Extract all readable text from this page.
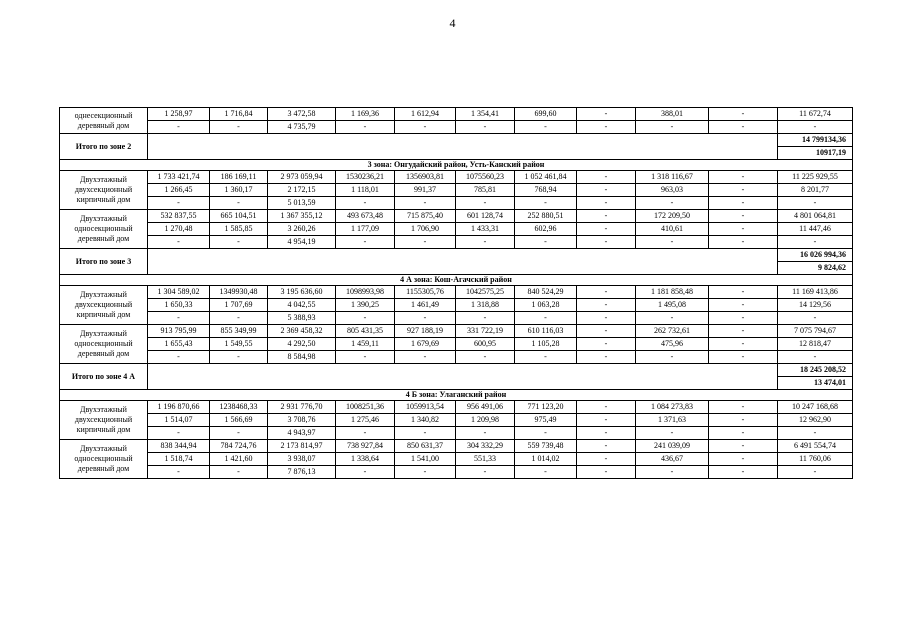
4
однесекционный деревяный дом	1 258,97	1 716,84	3 472,58	1 169,36	1 612,94	1 354,41	699,60	-	388,01	-	11 672,74
	-	-	4 735,79	-	-	-	-	-	-	-	-
Итого по зоне 2											14 799134,36
											10917,19
3 зона: Онгудайский район, Усть-Канский район											
Двухэтажный двухсекционный кирпичный дом	1 733 421,74	186 169,11	2 973 059,94	1530236,21	1356903,81	1075560,23	1 052 461,84	-	1 318 116,67	-	11 225 929,55
	1 266,45	1 360,17	2 172,15	1 118,01	991,37	785,81	768,94	-	963,03	-	8 201,77
	-	-	5 013,59	-	-	-	-	-	-	-	-
Двухэтажный односекционный деревяный дом	532 837,55	665 104,51	1 367 355,12	493 673,48	715 875,40	601 128,74	252 880,51	-	172 209,50	-	4 801 064,81
	1 270,48	1 585,85	3 260,26	1 177,09	1 706,90	1 433,31	602,96	-	410,61	-	11 447,46
	-	-	4 954,19	-	-	-	-	-	-	-	-
Итого по зоне 3											16 026 994,36
											9 824,62
4 А зона: Кош-Агачский район											
Двухэтажный двухсекционный кирпичный дом	1 304 589,02	1349930,48	3 195 636,60	1098993,98	1155305,76	1042575,25	840 524,29	-	1 181 858,48	-	11 169 413,86
	1 650,33	1 707,69	4 042,55	1 390,25	1 461,49	1 318,88	1 063,28	-	1 495,08	-	14 129,56
	-	-	5 388,93	-	-	-	-	-	-	-	-
Двухэтажный односекционный деревяный дом	913 795,99	855 349,99	2 369 458,32	805 431,35	927 188,19	331 722,19	610 116,03	-	262 732,61	-	7 075 794,67
	1 655,43	1 549,55	4 292,50	1 459,11	1 679,69	600,95	1 105,28	-	475,96	-	12 818,47
	-	-	8 584,98	-	-	-	-	-	-	-	-
Итого по зоне 4 А											18 245 208,52
											13 474,01
4 Б зона: Улаганский район											
Двухэтажный двухсекционный кирпичный дом	1 196 870,66	1238468,33	2 931 776,70	1008251,36	1059913,54	956 491,06	771 123,20	-	1 084 273,83	-	10 247 168,68
	1 514,07	1 566,69	3 708,76	1 275,46	1 340,82	1 209,98	975,49	-	1 371,63	-	12 962,90
	-	-	4 943,97	-	-	-	-	-	-	-	-
Двухэтажный односекционный деревяный дом	838 344,94	784 724,76	2 173 814,97	738 927,84	850 631,37	304 332,29	559 739,48	-	241 039,09	-	6 491 554,74
	1 518,74	1 421,60	3 938,07	1 338,64	1 541,00	551,33	1 014,02	-	436,67	-	11 760,06
	-	-	7 876,13	-	-	-	-	-	-	-	-
